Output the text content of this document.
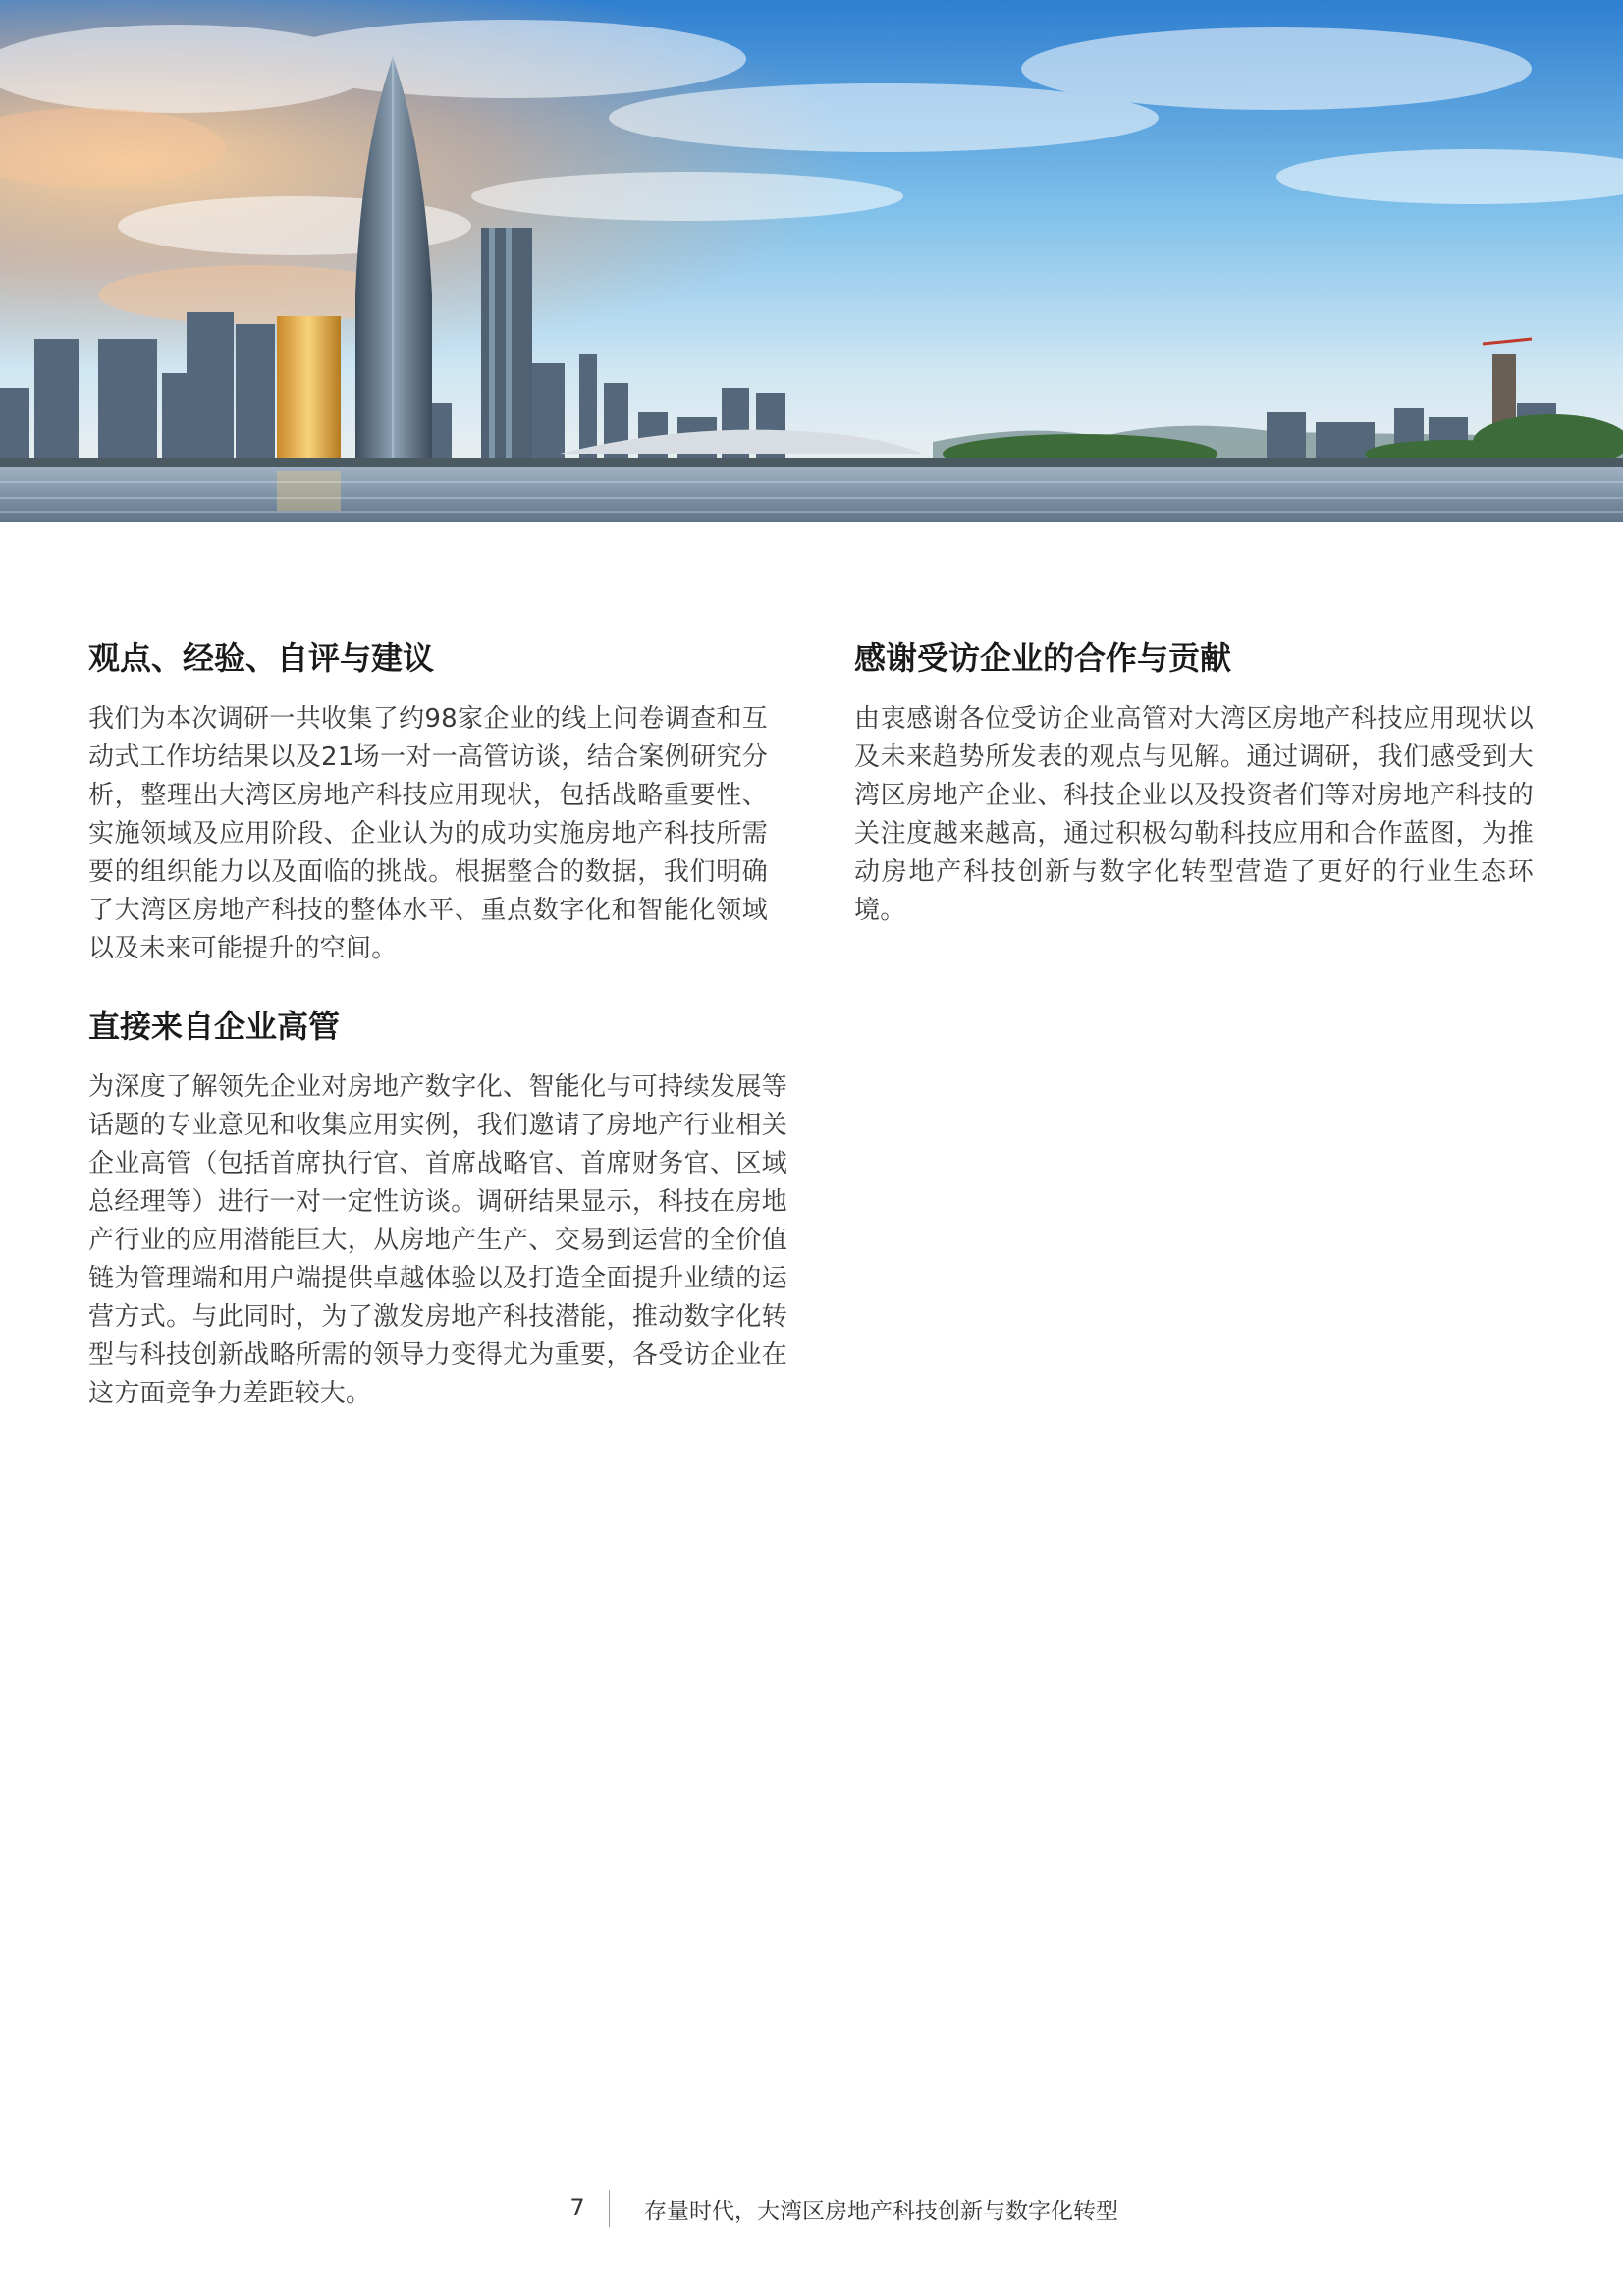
观点、经验、自评与建议

我们为本次调研一共收集了约98家企业的线上问卷调查和互动式工作坊结果以及21场一对一高管访谈，结合案例研究分析，整理出大湾区房地产科技应用现状，包括战略重要性、实施领域及应用阶段、企业认为的成功实施房地产科技所需要的组织能力以及面临的挑战。根据整合的数据，我们明确了大湾区房地产科技的整体水平、重点数字化和智能化领域以及未来可能提升的空间。

直接来自企业高管

为深度了解领先企业对房地产数字化、智能化与可持续发展等话题的专业意见和收集应用实例，我们邀请了房地产行业相关企业高管（包括首席执行官、首席战略官、首席财务官、区域总经理等）进行一对一定性访谈。调研结果显示，科技在房地产行业的应用潜能巨大，从房地产生产、交易到运营的全价值链为管理端和用户端提供卓越体验以及打造全面提升业绩的运营方式。与此同时，为了激发房地产科技潜能，推动数字化转型与科技创新战略所需的领导力变得尤为重要，各受访企业在这方面竞争力差距较大。

感谢受访企业的合作与贡献

由衷感谢各位受访企业高管对大湾区房地产科技应用现状以及未来趋势所发表的观点与见解。通过调研，我们感受到大湾区房地产企业、科技企业以及投资者们等对房地产科技的关注度越来越高，通过积极勾勒科技应用和合作蓝图，为推动房地产科技创新与数字化转型营造了更好的行业生态环境。

7	存量时代，大湾区房地产科技创新与数字化转型
